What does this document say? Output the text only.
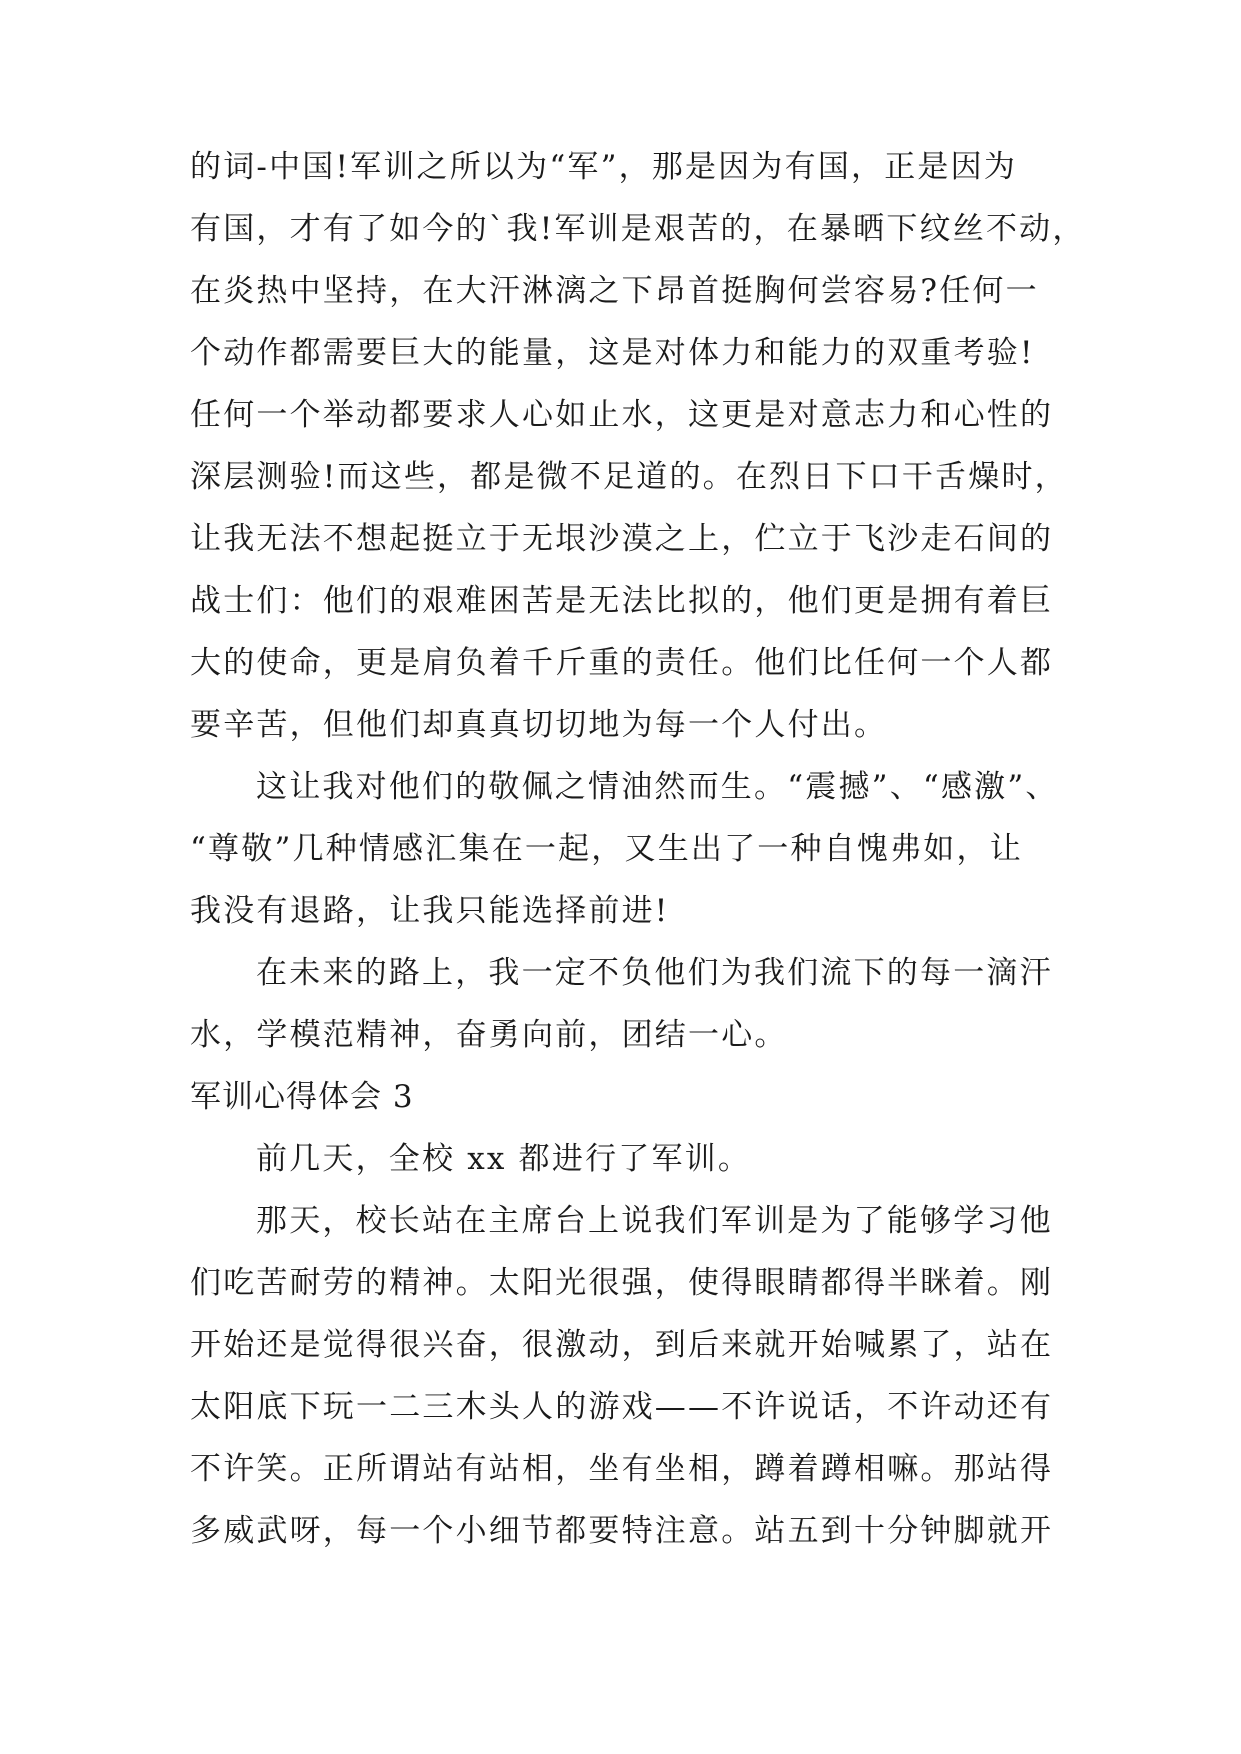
的词-中国!军训之所以为“军”，那是因为有国，正是因为
有国，才有了如今的`我!军训是艰苦的，在暴晒下纹丝不动，
在炎热中坚持，在大汗淋漓之下昂首挺胸何尝容易?任何一
个动作都需要巨大的能量，这是对体力和能力的双重考验!
任何一个举动都要求人心如止水，这更是对意志力和心性的
深层测验!而这些，都是微不足道的。在烈日下口干舌燥时，
让我无法不想起挺立于无垠沙漠之上，伫立于飞沙走石间的
战士们：他们的艰难困苦是无法比拟的，他们更是拥有着巨
大的使命，更是肩负着千斤重的责任。他们比任何一个人都
要辛苦，但他们却真真切切地为每一个人付出。
这让我对他们的敬佩之情油然而生。“震撼”、“感激”、
“尊敬”几种情感汇集在一起，又生出了一种自愧弗如，让
我没有退路，让我只能选择前进!
在未来的路上，我一定不负他们为我们流下的每一滴汗
水，学模范精神，奋勇向前，团结一心。
军训心得体会 3
前几天，全校 xx 都进行了军训。
那天，校长站在主席台上说我们军训是为了能够学习他
们吃苦耐劳的精神。太阳光很强，使得眼睛都得半眯着。刚
开始还是觉得很兴奋，很激动，到后来就开始喊累了，站在
太阳底下玩一二三木头人的游戏——不许说话，不许动还有
不许笑。正所谓站有站相，坐有坐相，蹲着蹲相嘛。那站得
多威武呀，每一个小细节都要特注意。站五到十分钟脚就开
